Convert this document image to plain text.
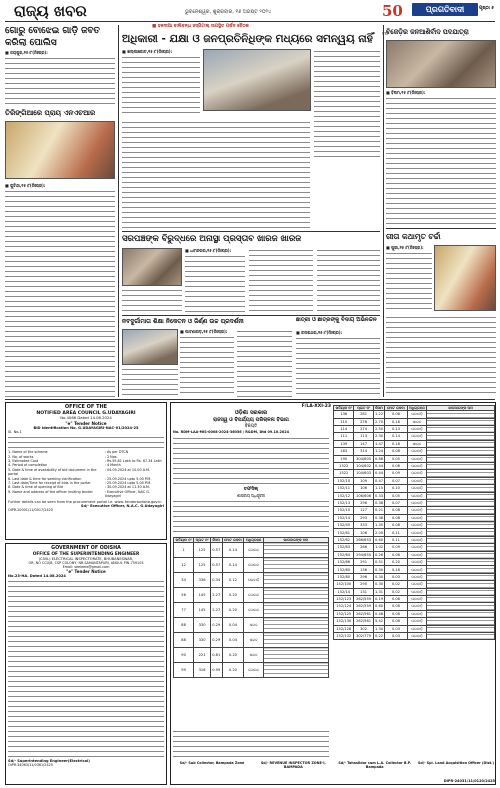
ରାଜ୍ୟ ଖବର	ଭୁବନେଶ୍ୱର, ଶୁକ୍ରବାର, ୧୬ ଅଗଷ୍ଟ ୨୦୨୪	50 ବର୍ଷ
ପ୍ରଗତିବାଦୀ	ପୃଷ୍ଠା ୫
ଗୋରୁ ବୋଝେଇ ଗାଡ଼ି ଜବତ କରିଲା ପୋଲିସ
■ ଜୟପୁର,୧୫।୮(ନିଃପ୍ର):
ତିରିଙ୍ଗିଆରେ ପ୍ରାୟ ଏନଏଚଆର
■ କୁଚିନ୍ଦା,୧୫।୮(ନିଃପ୍ର):
■ ହଳଦୀଆ ବାଲିବନ୍ଧ ହସ୍ପିଟାଲ୍ ଉପସ୍ଥିତ ପର୍ଷଦ ବୈଠକ
ଅଧିକାରୀ - ଯକ୍ଷା ଓ ଜନପ୍ରତିନିଧିଙ୍କ ମଧ୍ୟରେ ସମନ୍ୱୟ ନାହିଁ
■ ଖଲ୍ଲୀକୋଟ,୧୫।୮(ନିଃପ୍ର):
ବିଜେଡ଼ିର ଜନଆଶିର୍ବାଦ ପଦଯାତ୍ରା
■ ବିଷମ,୧୫।୮(ନିଃପ୍ର):
ସରପଞ୍ଚଙ୍କ ବିରୁଦ୍ଧରେ ଅନାସ୍ଥା ପ୍ରସ୍ତାବ ଖାରଜ ଖାରଜ
■ ଧାମନଗର,୧୫।୮(ନିଃପ୍ର):
ଗୀତା କଥାମୃତ ଚର୍ଚ୍ଚା
■ ପୁରୀ,୧୫।୮(ନିଃପ୍ର):
ନବଦୁର୍ଗାମାତା ଶିକ୍ଷା ନିକେତନ ଓ ଜିର୍ଣ୍ଣ ଉଚ୍ଚ ପ୍ରଦର୍ଶନୀ
■ ପାଟଣାଗଡ଼,୧୫।୮(ନିଃପ୍ର):
ଛାତ୍ରୀ ଓ ଛାତ୍ରଙ୍କୁ ବିଦାୟ ଅଭିନନ୍ଦନ
■ କଳାପଥର,୧୫।୮(ନିଃପ୍ର):
OFFICE OF THE
NOTIFIED AREA COUNCIL G.UDAYAGIRI
No.4066 Dated 14.08.2024
"e" Tender Notice
BID Identification No. G.UDAYAGIRI-NAC-01/2024-25
Sl. No.1
1. Name of the scheme	: As per DTCN
2. No. of works	: 2 Nos.
3. Estimated Cost	: Rs.59.81 Lakh to Rs. 67.34 Lakh
4. Period of completion	: 4 Month
5. Date & time of availability of bid document in the portal
: 04.09.2024 at 10.00 A.M.
6. Last date & time for seeking clarification	: 25.09.2024 upto 5.00 P.M.
7. Last date/Time for receipt of bids in the portal	: 25.09.2024 upto 5.00 P.M.
8. Date & time of opening of Bid	: 30.09.2024 at 11.30 A.M.
9. Name and address of the officer inviting tender	: Executive Officer, NAC G. Udayagiri
Further details can be seen from the procurement portal i.e. www. tendersodisha.gov.in
Sd/- Executive Officer, N.A.C. G.Udayagiri
OIPR-20001/11/0017/2425
GOVERNMENT OF ODISHA
OFFICE OF THE SUPERINTENDING ENGINEER
(CIVIL) ELECTRICAL INSPECTORATE, BHUBANESWAR,
OR, NO CCU/8, CSP COLONY, NR.SAMANTAPURI, ANGUL PIN-759103
Email: seeleele@gmail.com
"e" Tender Notice
No.23-HA. Dated 14.08.2024
Sd/- Superintending Engineer(Electrical)
OIPR-34063/11/0361/2425
F/LA-XXI-23
ଓଡ଼ିଶା ସରକାର
ରାଜସ୍ୱ ଓ ବିପର୍ଯ୍ୟୟ ପରିଚାଳନା ବିଭାଗ
ବିଜ୍ଞପ୍ତି
No. RDM-LAA-MIS-0008-2024-36056 / R&DM, Dtd 09.10.2024
ତଫସିଲ୍
ଶାସକୀୟ ଅଧିସୂଚନା
ଖତିୟାନ ନଂ	ପ୍ଲଟ ନଂ	କିସମ	ମୋଟ ରକବା	ଅଧିଗ୍ରହଣ	ଖାତାଦାରଙ୍କ ନାମ
1	125	0.57	0.14	ଗୋଚର	
12	125	0.57	0.14	ଗୋଚର	
34	336	0.34	0.12	ଘରବାଡ଼ି	
56	145	2.27	0.20	ଗୋଚର	
77	145	2.27	0.20	ଗୋଚର	
88	330	0.29	0.04	ଶରଦ	
88	330	0.29	0.04	ଶରଦ	
90	221	0.81	0.20	ଶରଦ	
99	316	0.95	0.20	ଗୋଚର	
ଖତିୟାନ ନଂ	ପ୍ଲଟ ନଂ	କିସମ	ମୋଟ ରକବା	ଅଧିଗ୍ରହଣ	ଖାତାଦାରଙ୍କ ନାମ
136	281	1.22	0.06	ଘରବାଡ଼ି	
115	278	2.70	0.18	ଶାରଦ	
114	274	2.50	0.13	ଘରବାଡ଼ି	
111	113	2.30	0.14	ଘରବାଡ଼ି	
139	147	1.47	0.18	ଶାରଦ	
163	314	1.24	0.08	ଘରବାଡ଼ି	
190	304/605	0.88	0.05	ଘରବାଡ଼ି	
1522	104/602	0.44	0.08	ଘରବାଡ଼ି	
1522	104/603	0.44	0.09	ଘରବାଡ଼ି	
152/10	109	0.47	0.07	ଘରବାଡ଼ି	
152/11	106	1.15	0.10	ଘରବାଡ଼ି	
152/12	106/606	0.33	0.05	ଘରବାଡ଼ି	
152/13	296	0.38	0.07	ଘରବାଡ଼ି	
152/10	127	0.21	0.08	ଘରବାଡ଼ି	
152/14	293	0.38	0.08	ଘରବାଡ଼ି	
152/45	333	1.35	0.08	ଘରବାଡ଼ି	
152/61	106	2.00	0.11	ଘରବାଡ଼ି	
152/62	266/653	0.60	0.11	ଘରବାଡ଼ି	
152/63	266	1.02	0.09	ଘରବାଡ଼ି	
152/64	294/655	0.26	0.06	ଘରବାଡ଼ି	
152/66	291	0.51	0.20	ଘରବାଡ଼ି	
152/60	136	0.30	0.18	ଘରବାଡ଼ି	
152/80	296	0.30	0.03	ଘରବାଡ଼ି	
152/100	290	0.30	0.02	ଘରବାଡ଼ି	
152/14	131	1.31	0.02	ଘରବାଡ଼ି	
152/123	262/559	0.19	0.08	ଘରବାଡ଼ି	
152/124	262/559	0.60	0.06	ଘରବାଡ଼ି	
152/125	262/561	0.46	0.06	ଘରବାଡ଼ି	
152/130	262/561	5.42	0.06	ଘରବାଡ଼ି	
152/128	302	1.30	0.03	ଘରବାଡ଼ି	
152/132	302/779	0.22	0.03	ଘରବାଡ଼ି	
Sd/- Sub Collector, Bampada Zone	Sd/- REVENUE INSPECTOR ZONE-I, BAMPADA
Sd/- Tahasildar cum L.A. Collector B.P. Bampada
Sd/- Spl. Land Acquisition Officer (Dist.)
DIPR-24031/11/0120/2425
